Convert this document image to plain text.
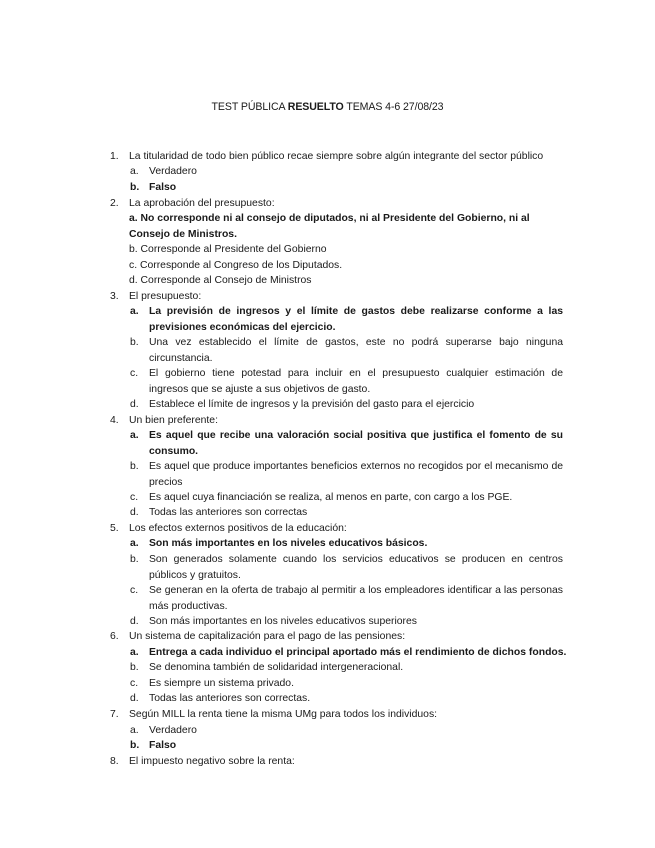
TEST PÚBLICA RESUELTO TEMAS 4-6 27/08/23
1. La titularidad de todo bien público recae siempre sobre algún integrante del sector público
a. Verdadero
b. Falso
2. La aprobación del presupuesto:
a. No corresponde ni al consejo de diputados, ni al Presidente del Gobierno, ni al Consejo de Ministros.
b. Corresponde al Presidente del Gobierno
c. Corresponde al Congreso de los Diputados.
d. Corresponde al Consejo de Ministros
3. El presupuesto:
a. La previsión de ingresos y el límite de gastos debe realizarse conforme a las previsiones económicas del ejercicio.
b. Una vez establecido el límite de gastos, este no podrá superarse bajo ninguna circunstancia.
c. El gobierno tiene potestad para incluir en el presupuesto cualquier estimación de ingresos que se ajuste a sus objetivos de gasto.
d. Establece el límite de ingresos y la previsión del gasto para el ejercicio
4. Un bien preferente:
a. Es aquel que recibe una valoración social positiva que justifica el fomento de su consumo.
b. Es aquel que produce importantes beneficios externos no recogidos por el mecanismo de precios
c. Es aquel cuya financiación se realiza, al menos en parte, con cargo a los PGE.
d. Todas las anteriores son correctas
5. Los efectos externos positivos de la educación:
a. Son más importantes en los niveles educativos básicos.
b. Son generados solamente cuando los servicios educativos se producen en centros públicos y gratuitos.
c. Se generan en la oferta de trabajo al permitir a los empleadores identificar a las personas más productivas.
d. Son más importantes en los niveles educativos superiores
6. Un sistema de capitalización para el pago de las pensiones:
a. Entrega a cada individuo el principal aportado más el rendimiento de dichos fondos.
b. Se denomina también de solidaridad intergeneracional.
c. Es siempre un sistema privado.
d. Todas las anteriores son correctas.
7. Según MILL la renta tiene la misma UMg para todos los individuos:
a. Verdadero
b. Falso
8. El impuesto negativo sobre la renta:
